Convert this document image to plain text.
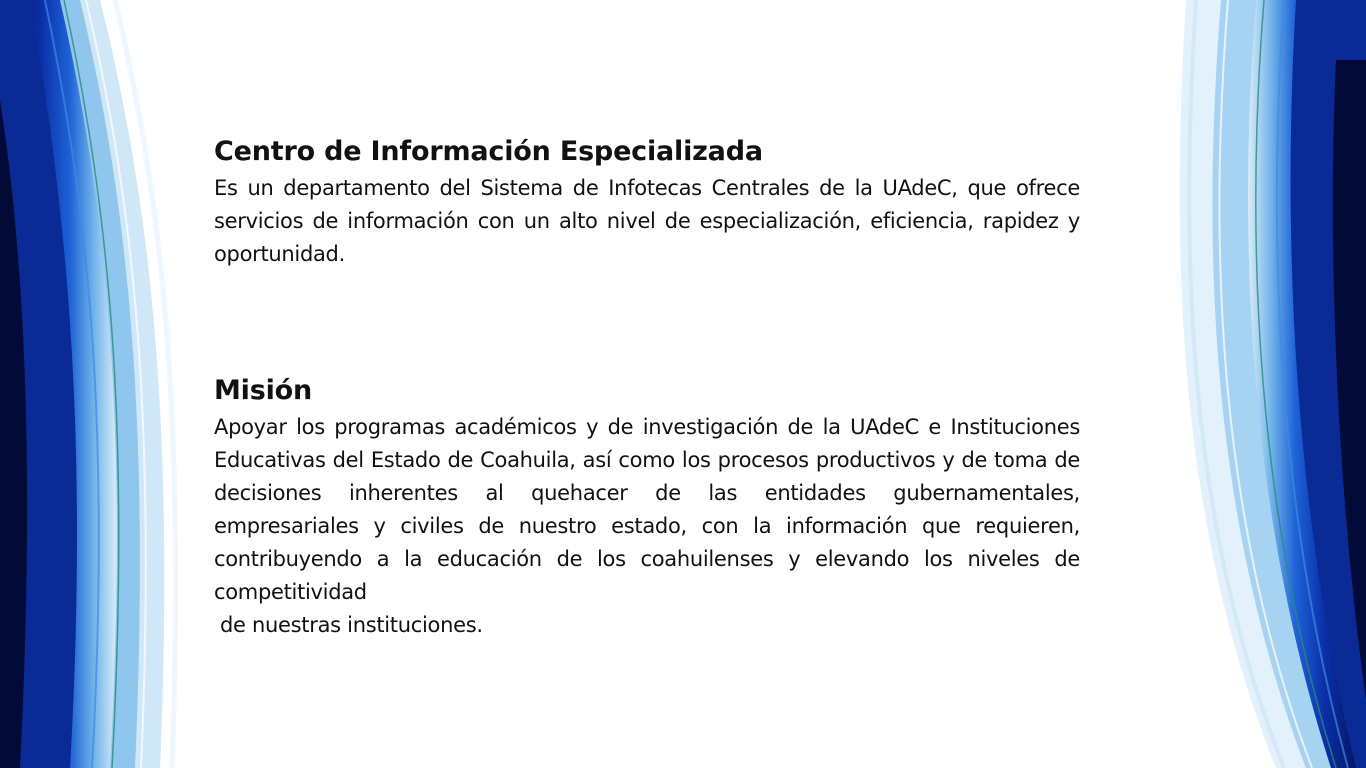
Centro de Información Especializada

Es un departamento del Sistema de Infotecas Centrales de la UAdeC, que ofrece servicios de información con un alto nivel de especialización, eficiencia, rapidez y oportunidad.

Misión

Apoyar los programas académicos y de investigación de la UAdeC e Instituciones Educativas del Estado de Coahuila, así como los procesos productivos y de toma de decisiones inherentes al quehacer de las entidades gubernamentales, empresariales y civiles de nuestro estado, con la información que requieren, contribuyendo a la educación de los coahuilenses y elevando los niveles de competitividad

de nuestras instituciones.
